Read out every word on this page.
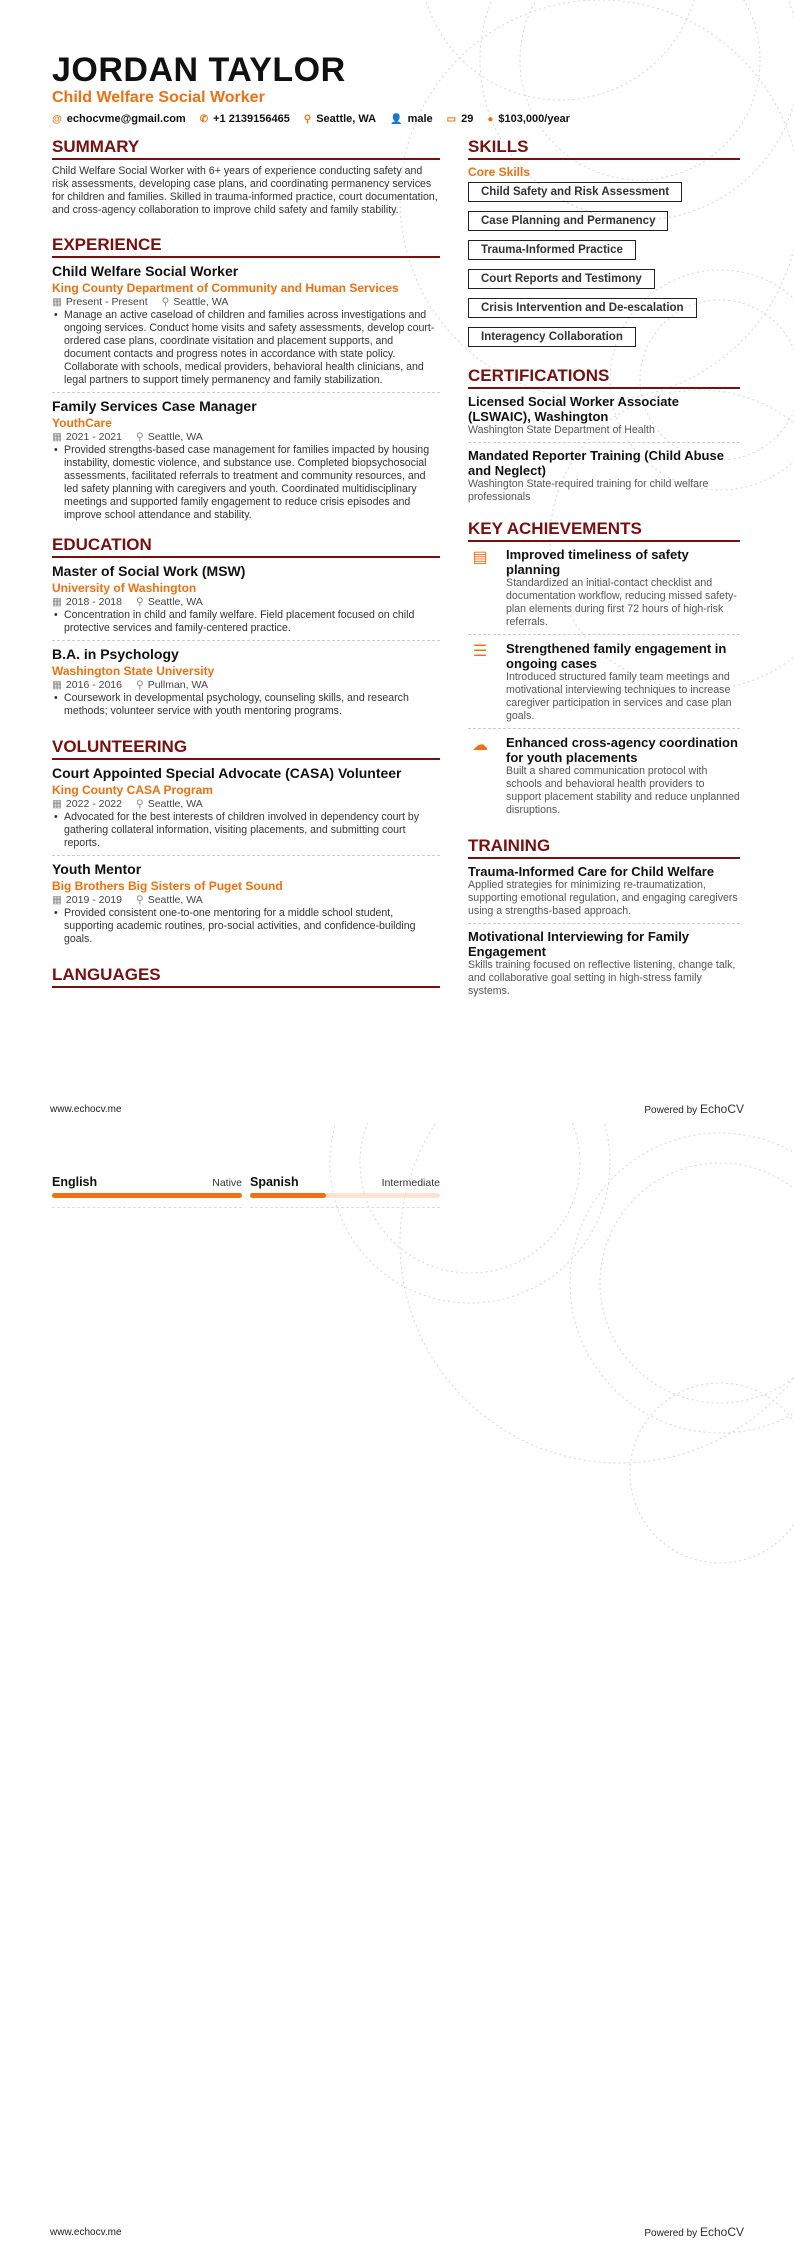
JORDAN TAYLOR
Child Welfare Social Worker
@ echocvme@gmail.com ✆ +1 2139156465 ⚲ Seattle, WA 👤 male ▭ 29 ● $103,000/year
SUMMARY
Child Welfare Social Worker with 6+ years of experience conducting safety and risk assessments, developing case plans, and coordinating permanency services for children and families. Skilled in trauma-informed practice, court documentation, and cross-agency collaboration to improve child safety and family stability.
EXPERIENCE
Child Welfare Social Worker
King County Department of Community and Human Services
▦ Present - Present ⚲ Seattle, WA
• Manage an active caseload of children and families across investigations and ongoing services. Conduct home visits and safety assessments, develop court-ordered case plans, coordinate visitation and placement supports, and document contacts and progress notes in accordance with state policy. Collaborate with schools, medical providers, behavioral health clinicians, and legal partners to support timely permanency and family stabilization.
Family Services Case Manager
YouthCare
▦ 2021 - 2021 ⚲ Seattle, WA
• Provided strengths-based case management for families impacted by housing instability, domestic violence, and substance use. Completed biopsychosocial assessments, facilitated referrals to treatment and community resources, and led safety planning with caregivers and youth. Coordinated multidisciplinary meetings and supported family engagement to reduce crisis episodes and improve school attendance and stability.
EDUCATION
Master of Social Work (MSW)
University of Washington
▦ 2018 - 2018 ⚲ Seattle, WA
• Concentration in child and family welfare. Field placement focused on child protective services and family-centered practice.
B.A. in Psychology
Washington State University
▦ 2016 - 2016 ⚲ Pullman, WA
• Coursework in developmental psychology, counseling skills, and research methods; volunteer service with youth mentoring programs.
VOLUNTEERING
Court Appointed Special Advocate (CASA) Volunteer
King County CASA Program
▦ 2022 - 2022 ⚲ Seattle, WA
• Advocated for the best interests of children involved in dependency court by gathering collateral information, visiting placements, and submitting court reports.
Youth Mentor
Big Brothers Big Sisters of Puget Sound
▦ 2019 - 2019 ⚲ Seattle, WA
• Provided consistent one-to-one mentoring for a middle school student, supporting academic routines, pro-social activities, and confidence-building goals.
LANGUAGES
SKILLS
Core Skills
Child Safety and Risk Assessment
Case Planning and Permanency
Trauma-Informed Practice
Court Reports and Testimony
Crisis Intervention and De-escalation
Interagency Collaboration
CERTIFICATIONS
Licensed Social Worker Associate (LSWAIC), Washington
Washington State Department of Health
Mandated Reporter Training (Child Abuse and Neglect)
Washington State-required training for child welfare professionals
KEY ACHIEVEMENTS
▤	Improved timeliness of safety planning
Standardized an initial-contact checklist and documentation workflow, reducing missed safety-plan elements during first 72 hours of high-risk referrals.
☰	Strengthened family engagement in ongoing cases
Introduced structured family team meetings and motivational interviewing techniques to increase caregiver participation in services and case plan goals.
☁	Enhanced cross-agency coordination for youth placements
Built a shared communication protocol with schools and behavioral health providers to support placement stability and reduce unplanned disruptions.
TRAINING
Trauma-Informed Care for Child Welfare
Applied strategies for minimizing re-traumatization, supporting emotional regulation, and engaging caregivers using a strengths-based approach.
Motivational Interviewing for Family Engagement
Skills training focused on reflective listening, change talk, and collaborative goal setting in high-stress family systems.
www.echocv.me	Powered by EchoCV
English	Native Spanish	Intermediate
www.echocv.me	Powered by EchoCV
